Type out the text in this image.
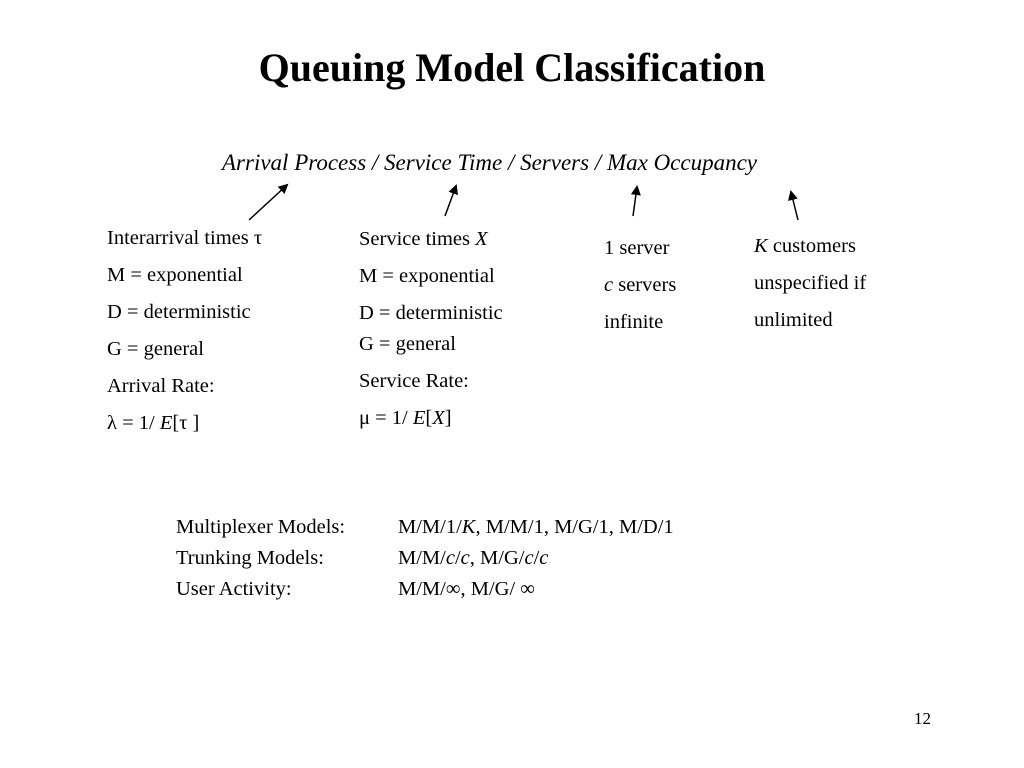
Queuing Model Classification
Arrival Process / Service Time / Servers / Max Occupancy
Interarrival times τ
M = exponential
D = deterministic
G = general
Arrival Rate:
λ = 1/ E[τ ]
Service times X
M = exponential
D = deterministic
G = general
Service Rate:
μ = 1/ E[X]
1 server
c servers
infinite
K customers
unspecified if
unlimited
Multiplexer Models:	M/M/1/K, M/M/1, M/G/1, M/D/1
Trunking Models:	M/M/c/c, M/G/c/c
User Activity:	M/M/∞, M/G/ ∞
12
